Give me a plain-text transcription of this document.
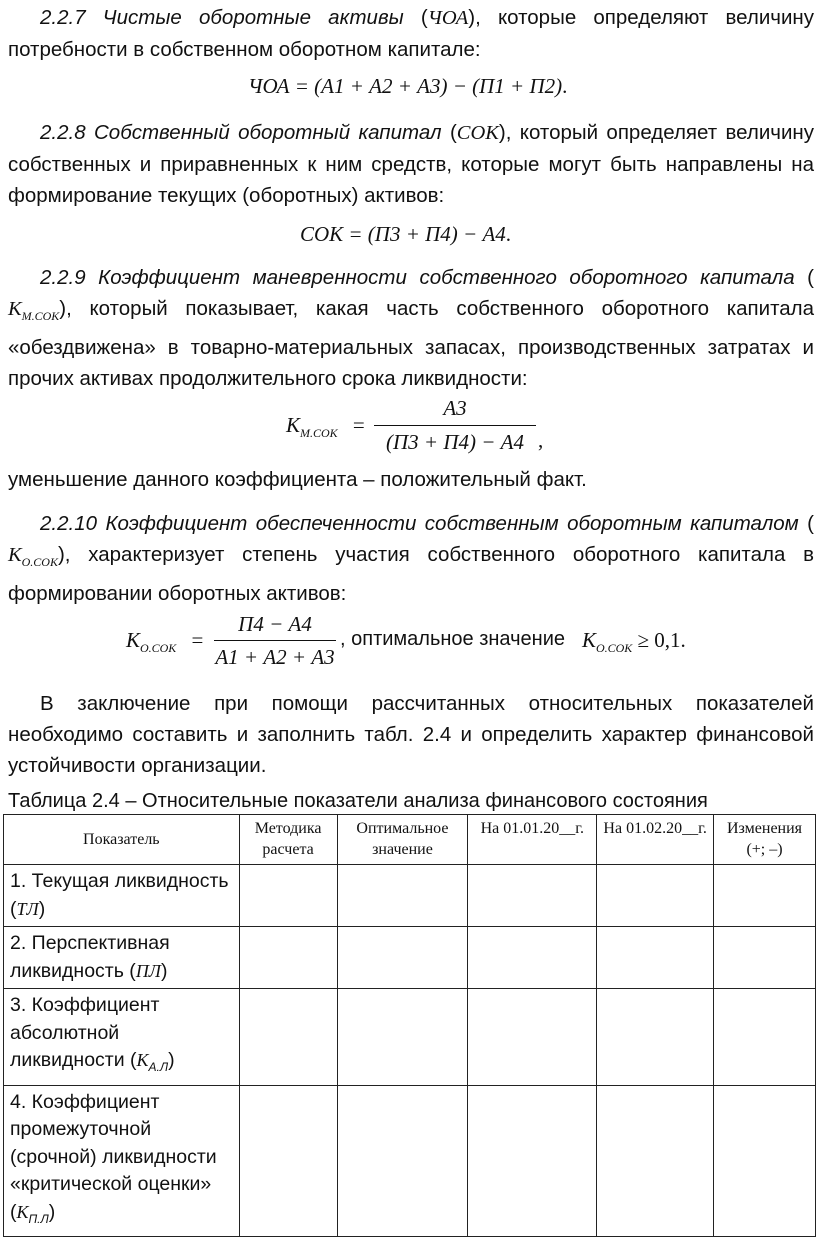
2.2.7 Чистые оборотные активы (ЧОА), которые определяют величину потребности в собственном оборотном капитале:
ЧОА = (А1 + А2 + А3) − (П1 + П2).
2.2.8 Собственный оборотный капитал (СОК), который определяет величину собственных и приравненных к ним средств, которые могут быть направлены на формирование текущих (оборотных) активов:
СОК = (П3 + П4) − А4.
2.2.9 Коэффициент маневренности собственного оборотного капитала ( $К_{М.СОК}$), который показывает, какая часть собственного оборотного капитала «обездвижена» в товарно-материальных запасах, производственных затратах и прочих активах продолжительного срока ликвидности:
$К_{М.СОК}$ =
А3
(П3 + П4) − А4 ,
уменьшение данного коэффициента – положительный факт.
2.2.10 Коэффициент обеспеченности собственным оборотным капиталом ( $К_{О.СОК}$), характеризует степень участия собственного оборотного капитала в формировании оборотных активов:
$К_{О.СОК}$ =
П4 − А4
А1 + А2 + А3
, оптимальное значение $К_{О.СОК} \ge 0,1$.
В заключение при помощи рассчитанных относительных показателей необходимо составить и заполнить табл. 2.4 и определить характер финансовой устойчивости организации.
Таблица 2.4 – Относительные показатели анализа финансового состояния
Показатель	Методика расчета	Оптимальное значение	На 01.01.20__г.	На 01.02.20__г.	Изменения (+; –)
1. Текущая ликвидность (ТЛ)					
2. Перспективная ликвидность (ПЛ)					
3. Коэффициент абсолютной ликвидности $(К_{А.Л})$					
4. Коэффициент промежуточной (срочной) ликвидности «критической оценки» $(К_{П.Л})$					
